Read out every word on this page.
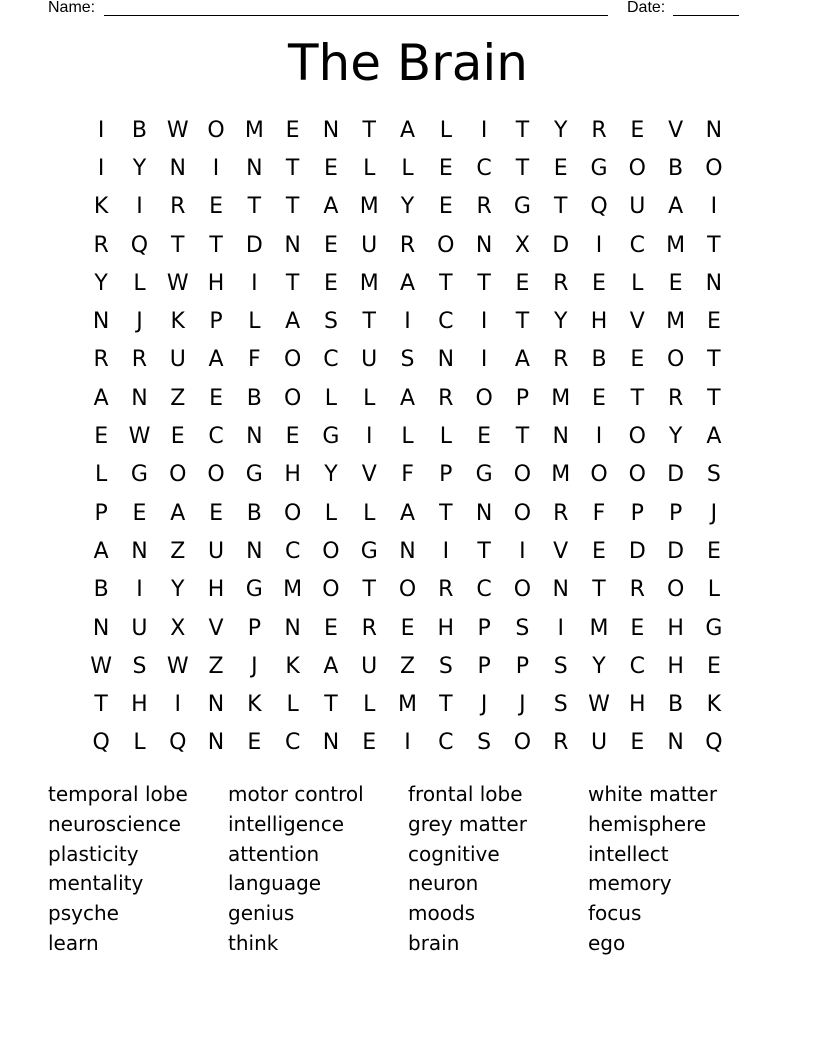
Name:	Date:
The Brain
I	B W O M E	N	T	A	L	I	T	Y	R	E	V	N
I	Y	N	I	N	T	E	L	L	E	C	T	E	G O	B	O
K	I	R	E	T	T	A M	Y	E	R	G	T	Q U	A	I
R Q	T	T	D N	E	U	R O N	X	D	I	C M	T
Y	L W H	I	T	E M A	T	T	E	R	E	L	E	N
N	J	K	P	L	A	S	T	I	C	I	T	Y	H	V M E
R	R	U	A	F	O C	U	S	N	I	A	R	B	E	O	T
A	N	Z	E	B	O	L	L	A	R O	P	M E	T	R	T
E W E	C	N	E	G	I	L	L	E	T	N	I	O	Y	A
L	G O O G H	Y	V	F	P	G O M O O D	S
P	E	A	E	B	O	L	L	A	T	N O R	F	P	P	J
A	N	Z	U	N	C O G N	I	T	I	V	E	D D	E
B	I	Y	H G M O	T	O R	C O N	T	R O	L
N	U	X	V	P	N	E	R	E	H	P	S	I	M E	H G
W S W Z	J	K	A	U	Z	S	P	P	S	Y	C	H	E
T	H	I	N	K	L	T	L	M	T	J	J	S W H	B	K
Q	L	Q N	E	C	N	E	I	C	S	O R	U	E	N Q
temporal lobe	motor control	frontal lobe	white matter
neuroscience	intelligence	grey matter	hemisphere
plasticity	attention	cognitive	intellect
mentality	language	neuron	memory
psyche	genius	moods	focus
learn	think	brain	ego
